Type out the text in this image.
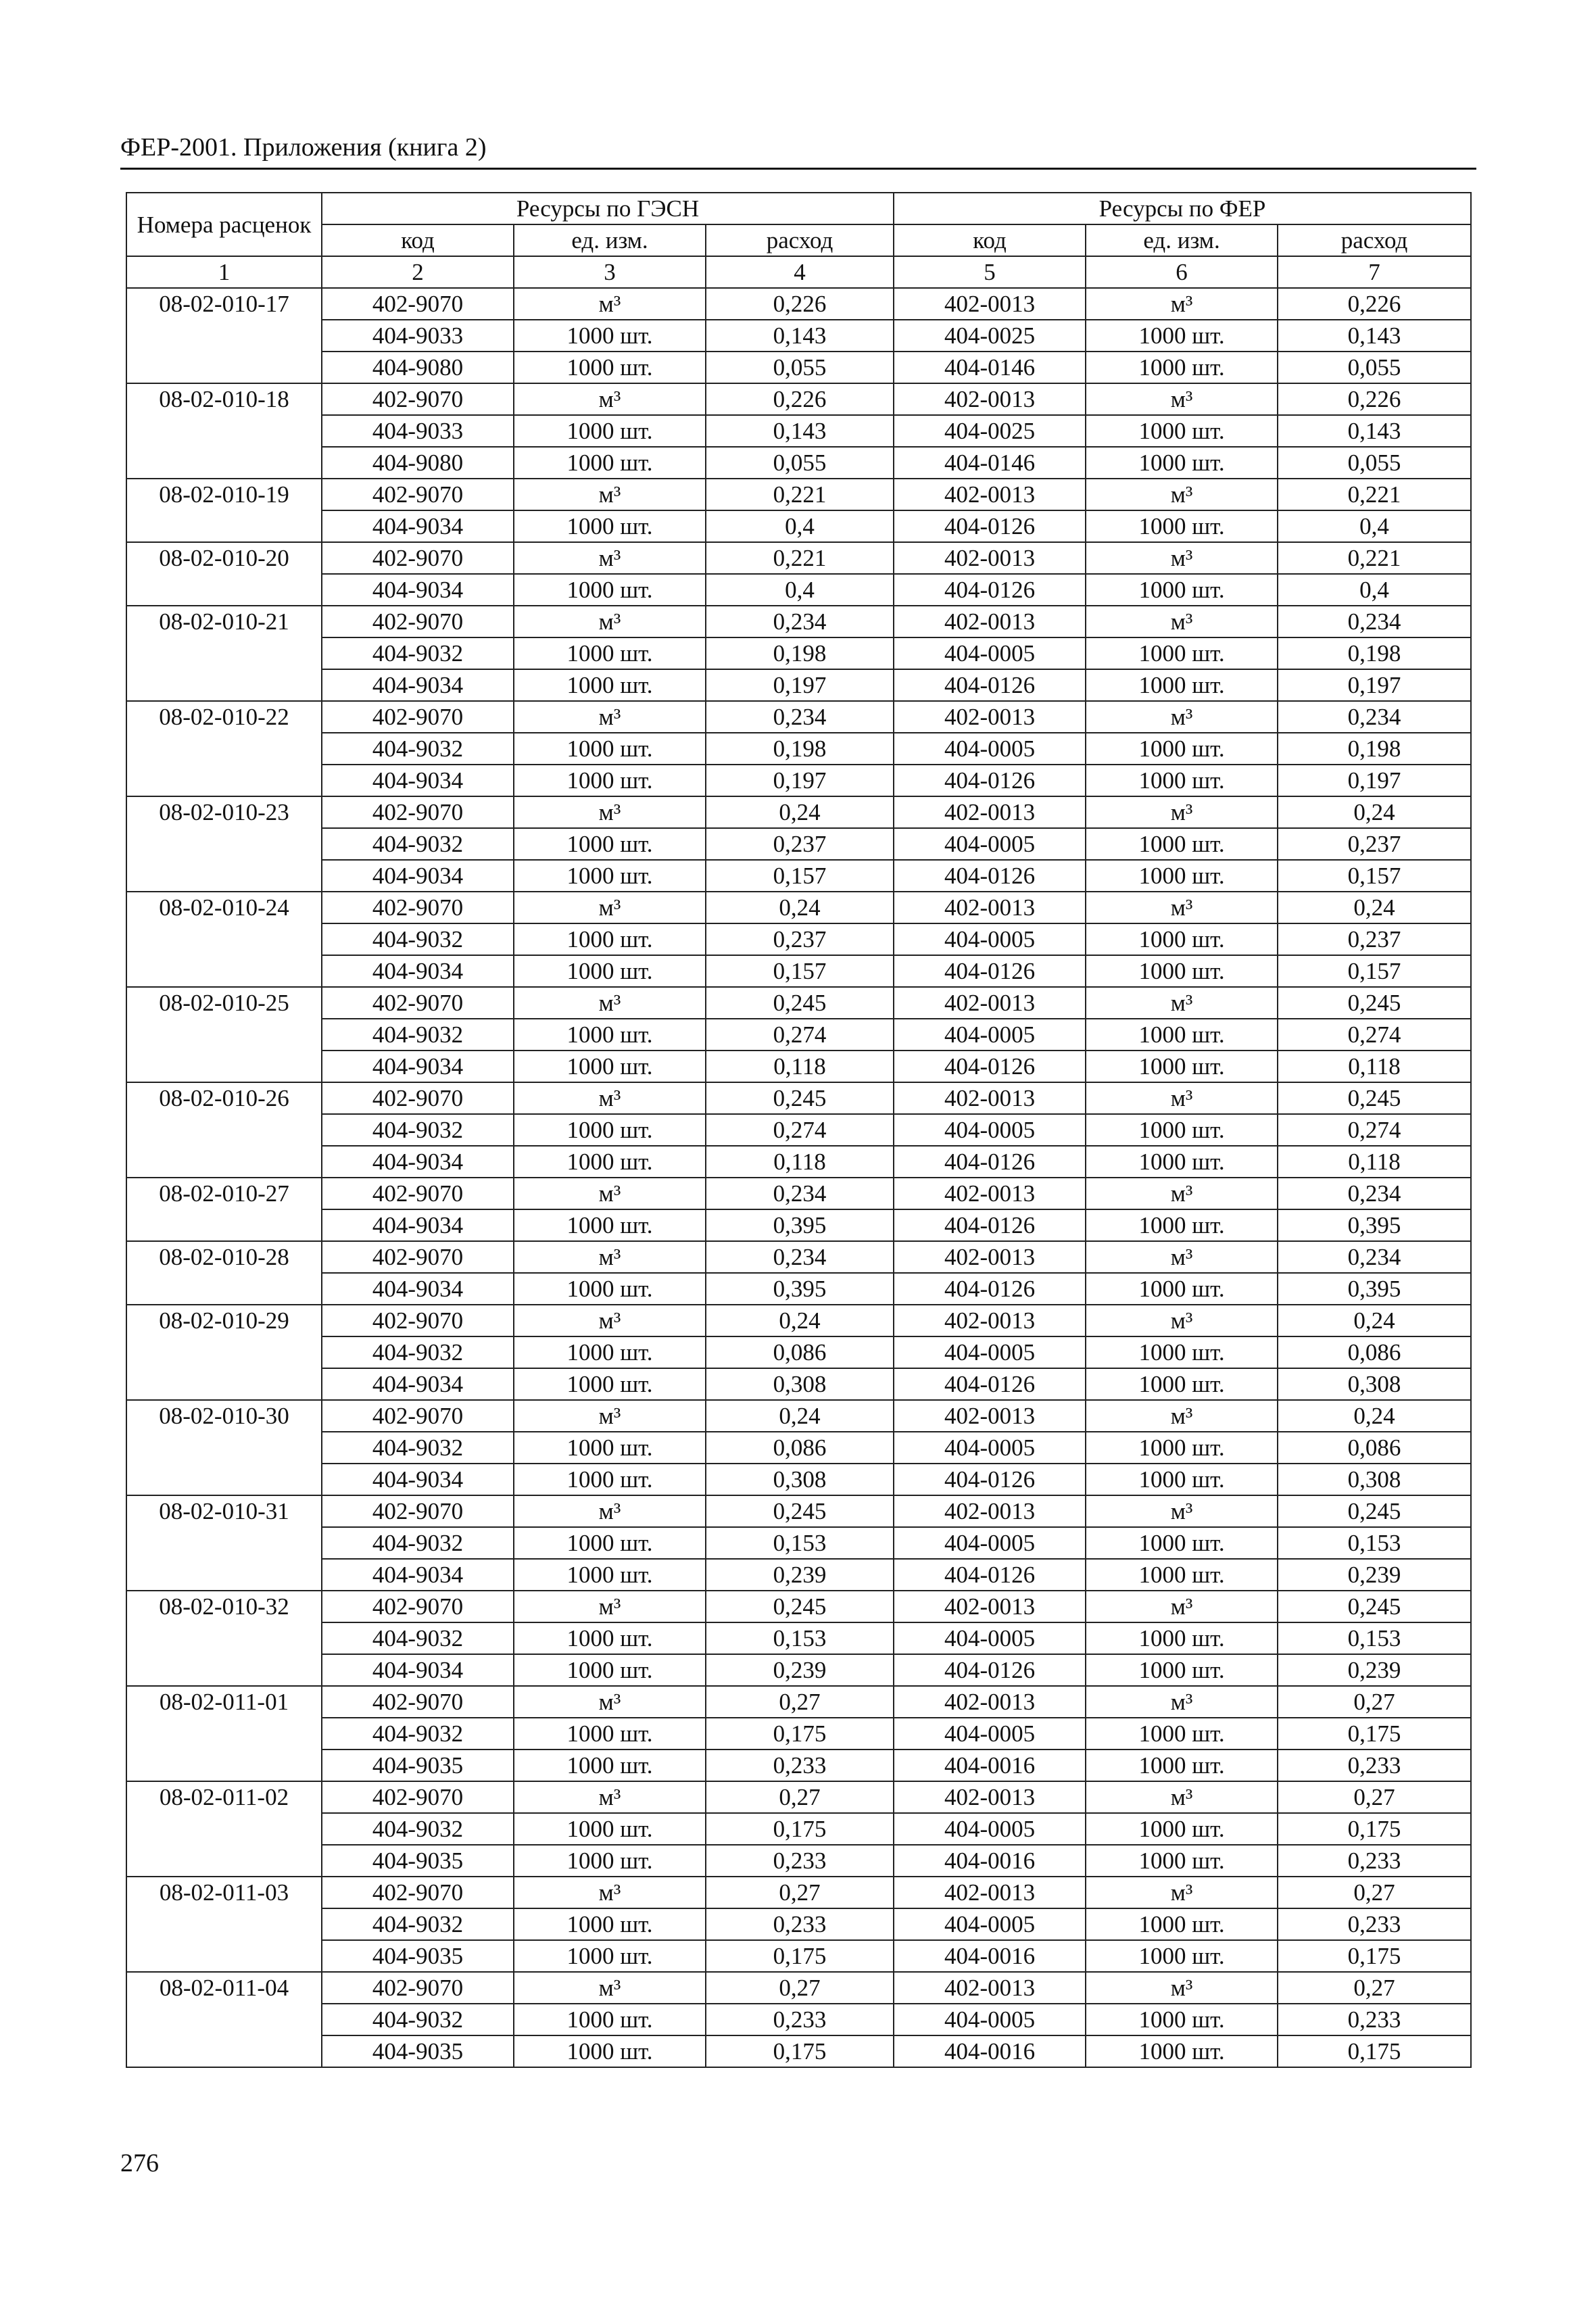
ФЕР-2001. Приложения (книга 2)
Номера расценок	Ресурсы по ГЭСН			Ресурсы по ФЕР		
	код	ед. изм.	расход	код	ед. изм.	расход
1	2	3	4	5	6	7
08-02-010-17	402-9070	м³	0,226	402-0013	м³	0,226
	404-9033	1000 шт.	0,143	404-0025	1000 шт.	0,143
	404-9080	1000 шт.	0,055	404-0146	1000 шт.	0,055
08-02-010-18	402-9070	м³	0,226	402-0013	м³	0,226
	404-9033	1000 шт.	0,143	404-0025	1000 шт.	0,143
	404-9080	1000 шт.	0,055	404-0146	1000 шт.	0,055
08-02-010-19	402-9070	м³	0,221	402-0013	м³	0,221
	404-9034	1000 шт.	0,4	404-0126	1000 шт.	0,4
08-02-010-20	402-9070	м³	0,221	402-0013	м³	0,221
	404-9034	1000 шт.	0,4	404-0126	1000 шт.	0,4
08-02-010-21	402-9070	м³	0,234	402-0013	м³	0,234
	404-9032	1000 шт.	0,198	404-0005	1000 шт.	0,198
	404-9034	1000 шт.	0,197	404-0126	1000 шт.	0,197
08-02-010-22	402-9070	м³	0,234	402-0013	м³	0,234
	404-9032	1000 шт.	0,198	404-0005	1000 шт.	0,198
	404-9034	1000 шт.	0,197	404-0126	1000 шт.	0,197
08-02-010-23	402-9070	м³	0,24	402-0013	м³	0,24
	404-9032	1000 шт.	0,237	404-0005	1000 шт.	0,237
	404-9034	1000 шт.	0,157	404-0126	1000 шт.	0,157
08-02-010-24	402-9070	м³	0,24	402-0013	м³	0,24
	404-9032	1000 шт.	0,237	404-0005	1000 шт.	0,237
	404-9034	1000 шт.	0,157	404-0126	1000 шт.	0,157
08-02-010-25	402-9070	м³	0,245	402-0013	м³	0,245
	404-9032	1000 шт.	0,274	404-0005	1000 шт.	0,274
	404-9034	1000 шт.	0,118	404-0126	1000 шт.	0,118
08-02-010-26	402-9070	м³	0,245	402-0013	м³	0,245
	404-9032	1000 шт.	0,274	404-0005	1000 шт.	0,274
	404-9034	1000 шт.	0,118	404-0126	1000 шт.	0,118
08-02-010-27	402-9070	м³	0,234	402-0013	м³	0,234
	404-9034	1000 шт.	0,395	404-0126	1000 шт.	0,395
08-02-010-28	402-9070	м³	0,234	402-0013	м³	0,234
	404-9034	1000 шт.	0,395	404-0126	1000 шт.	0,395
08-02-010-29	402-9070	м³	0,24	402-0013	м³	0,24
	404-9032	1000 шт.	0,086	404-0005	1000 шт.	0,086
	404-9034	1000 шт.	0,308	404-0126	1000 шт.	0,308
08-02-010-30	402-9070	м³	0,24	402-0013	м³	0,24
	404-9032	1000 шт.	0,086	404-0005	1000 шт.	0,086
	404-9034	1000 шт.	0,308	404-0126	1000 шт.	0,308
08-02-010-31	402-9070	м³	0,245	402-0013	м³	0,245
	404-9032	1000 шт.	0,153	404-0005	1000 шт.	0,153
	404-9034	1000 шт.	0,239	404-0126	1000 шт.	0,239
08-02-010-32	402-9070	м³	0,245	402-0013	м³	0,245
	404-9032	1000 шт.	0,153	404-0005	1000 шт.	0,153
	404-9034	1000 шт.	0,239	404-0126	1000 шт.	0,239
08-02-011-01	402-9070	м³	0,27	402-0013	м³	0,27
	404-9032	1000 шт.	0,175	404-0005	1000 шт.	0,175
	404-9035	1000 шт.	0,233	404-0016	1000 шт.	0,233
08-02-011-02	402-9070	м³	0,27	402-0013	м³	0,27
	404-9032	1000 шт.	0,175	404-0005	1000 шт.	0,175
	404-9035	1000 шт.	0,233	404-0016	1000 шт.	0,233
08-02-011-03	402-9070	м³	0,27	402-0013	м³	0,27
	404-9032	1000 шт.	0,233	404-0005	1000 шт.	0,233
	404-9035	1000 шт.	0,175	404-0016	1000 шт.	0,175
08-02-011-04	402-9070	м³	0,27	402-0013	м³	0,27
	404-9032	1000 шт.	0,233	404-0005	1000 шт.	0,233
	404-9035	1000 шт.	0,175	404-0016	1000 шт.	0,175
276
